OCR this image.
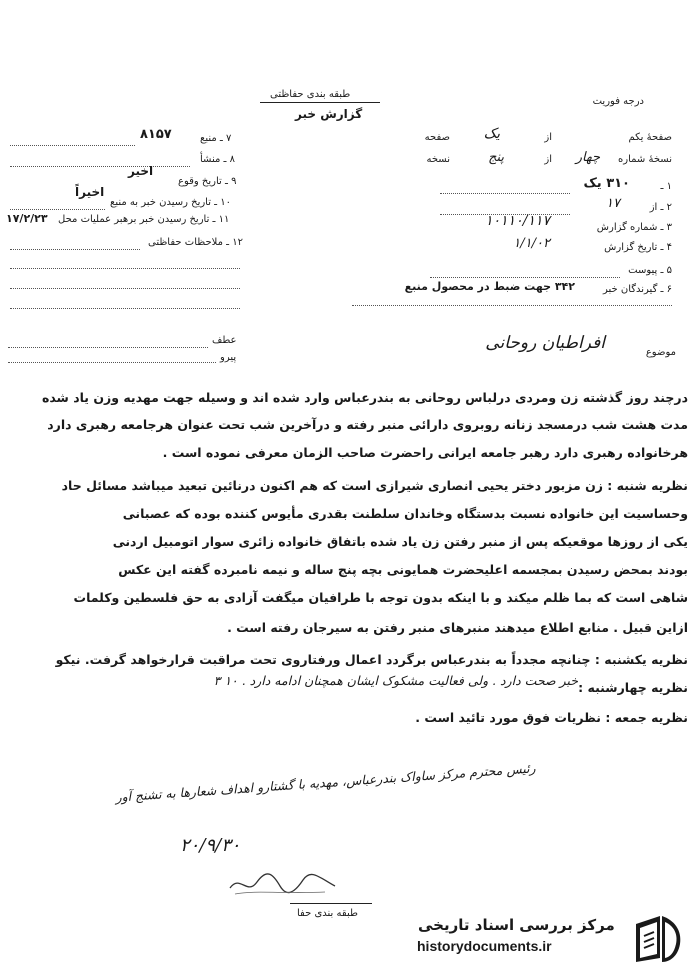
درجه فوریت
طبقه بندی حفاظتی
گزارش خبر
صفحهٔ یکم
از
یک
صفحه
نسخهٔ شماره
چهار
از
پنج
نسخه
۱ ـ
۳۱۰ یک
۲ ـ از
۱۷
۳ ـ شماره گزارش
۱۰۱۱۰/۱۱۷
۴ ـ تاریخ گزارش
۱/۱/۰۲
۵ ـ پیوست
۶ ـ گیرندگان خبر
۳۴۲ جهت ضبط در محصول منبع
۷ ـ منبع
۸۱۵۷
۸ ـ منشأ
اخیر
۹ ـ تاریخ وقوع
اخیراً
۱۰ ـ تاریخ رسیدن خبر به منبع
۱۱ ـ تاریخ رسیدن خبر برهبر عملیات محل
۱۷/۲/۲۳
۱۲ ـ ملاحظات حفاظتی
عطف
پیرو	موضوع
افراطیان روحانی
درچند روز گذشته زن ومردی درلباس روحانی به بندرعباس وارد شده اند و وسیله جهت مهدیه وزن یاد شده
مدت هشت شب درمسجد زنانه روبروی دارائی منبر رفته و درآخرین شب تحت عنوان هرجامعه رهبری دارد
هرخانواده رهبری دارد رهبر جامعه ایرانی راحضرت صاحب الزمان معرفی نموده است .
نظریه شنبه : زن مزبور دختر یحیی انصاری شیرازی است که هم اکنون درنائین تبعید میباشد مسائل حاد
وحساسیت این خانواده نسبت بدستگاه وخاندان سلطنت بقدری مأیوس کننده بوده که عصبانی
یکی از روزها موقعیکه پس از منبر رفتن زن یاد شده باتفاق خانواده زائری سوار اتومبیل اردنی
بودند بمحض رسیدن بمجسمه اعلیحضرت همایونی بچه پنج ساله و نیمه نامبرده گفته این عکس
شاهی است که بما ظلم میکند و با اینکه بدون توجه با طرافیان میگفت آزادی به حق فلسطین وکلمات
ازاین قبیل . منابع اطلاع میدهند منبرهای منبر رفتن به سیرجان رفته است .
نظریه یکشنبه : چنانچه مجدداً به بندرعباس برگردد اعمال ورفتاروی تحت مراقبت قرارخواهد گرفت. نیکو
نظریه چهارشنبه :
خبر صحت دارد . ولی فعالیت مشکوک ایشان همچنان ادامه دارد . ۱۰ ۳
نظریه جمعه : نظریات فوق مورد تائید است .
رئیس محترم مرکز ساواک بندرعباس، مهدیه با گشتارو اهداف شعارها به تشنج آور
۲۰/۹/۳۰
طبقه بندی حفا
مرکز بررسی اسناد تاریخی
historydocuments.ir
